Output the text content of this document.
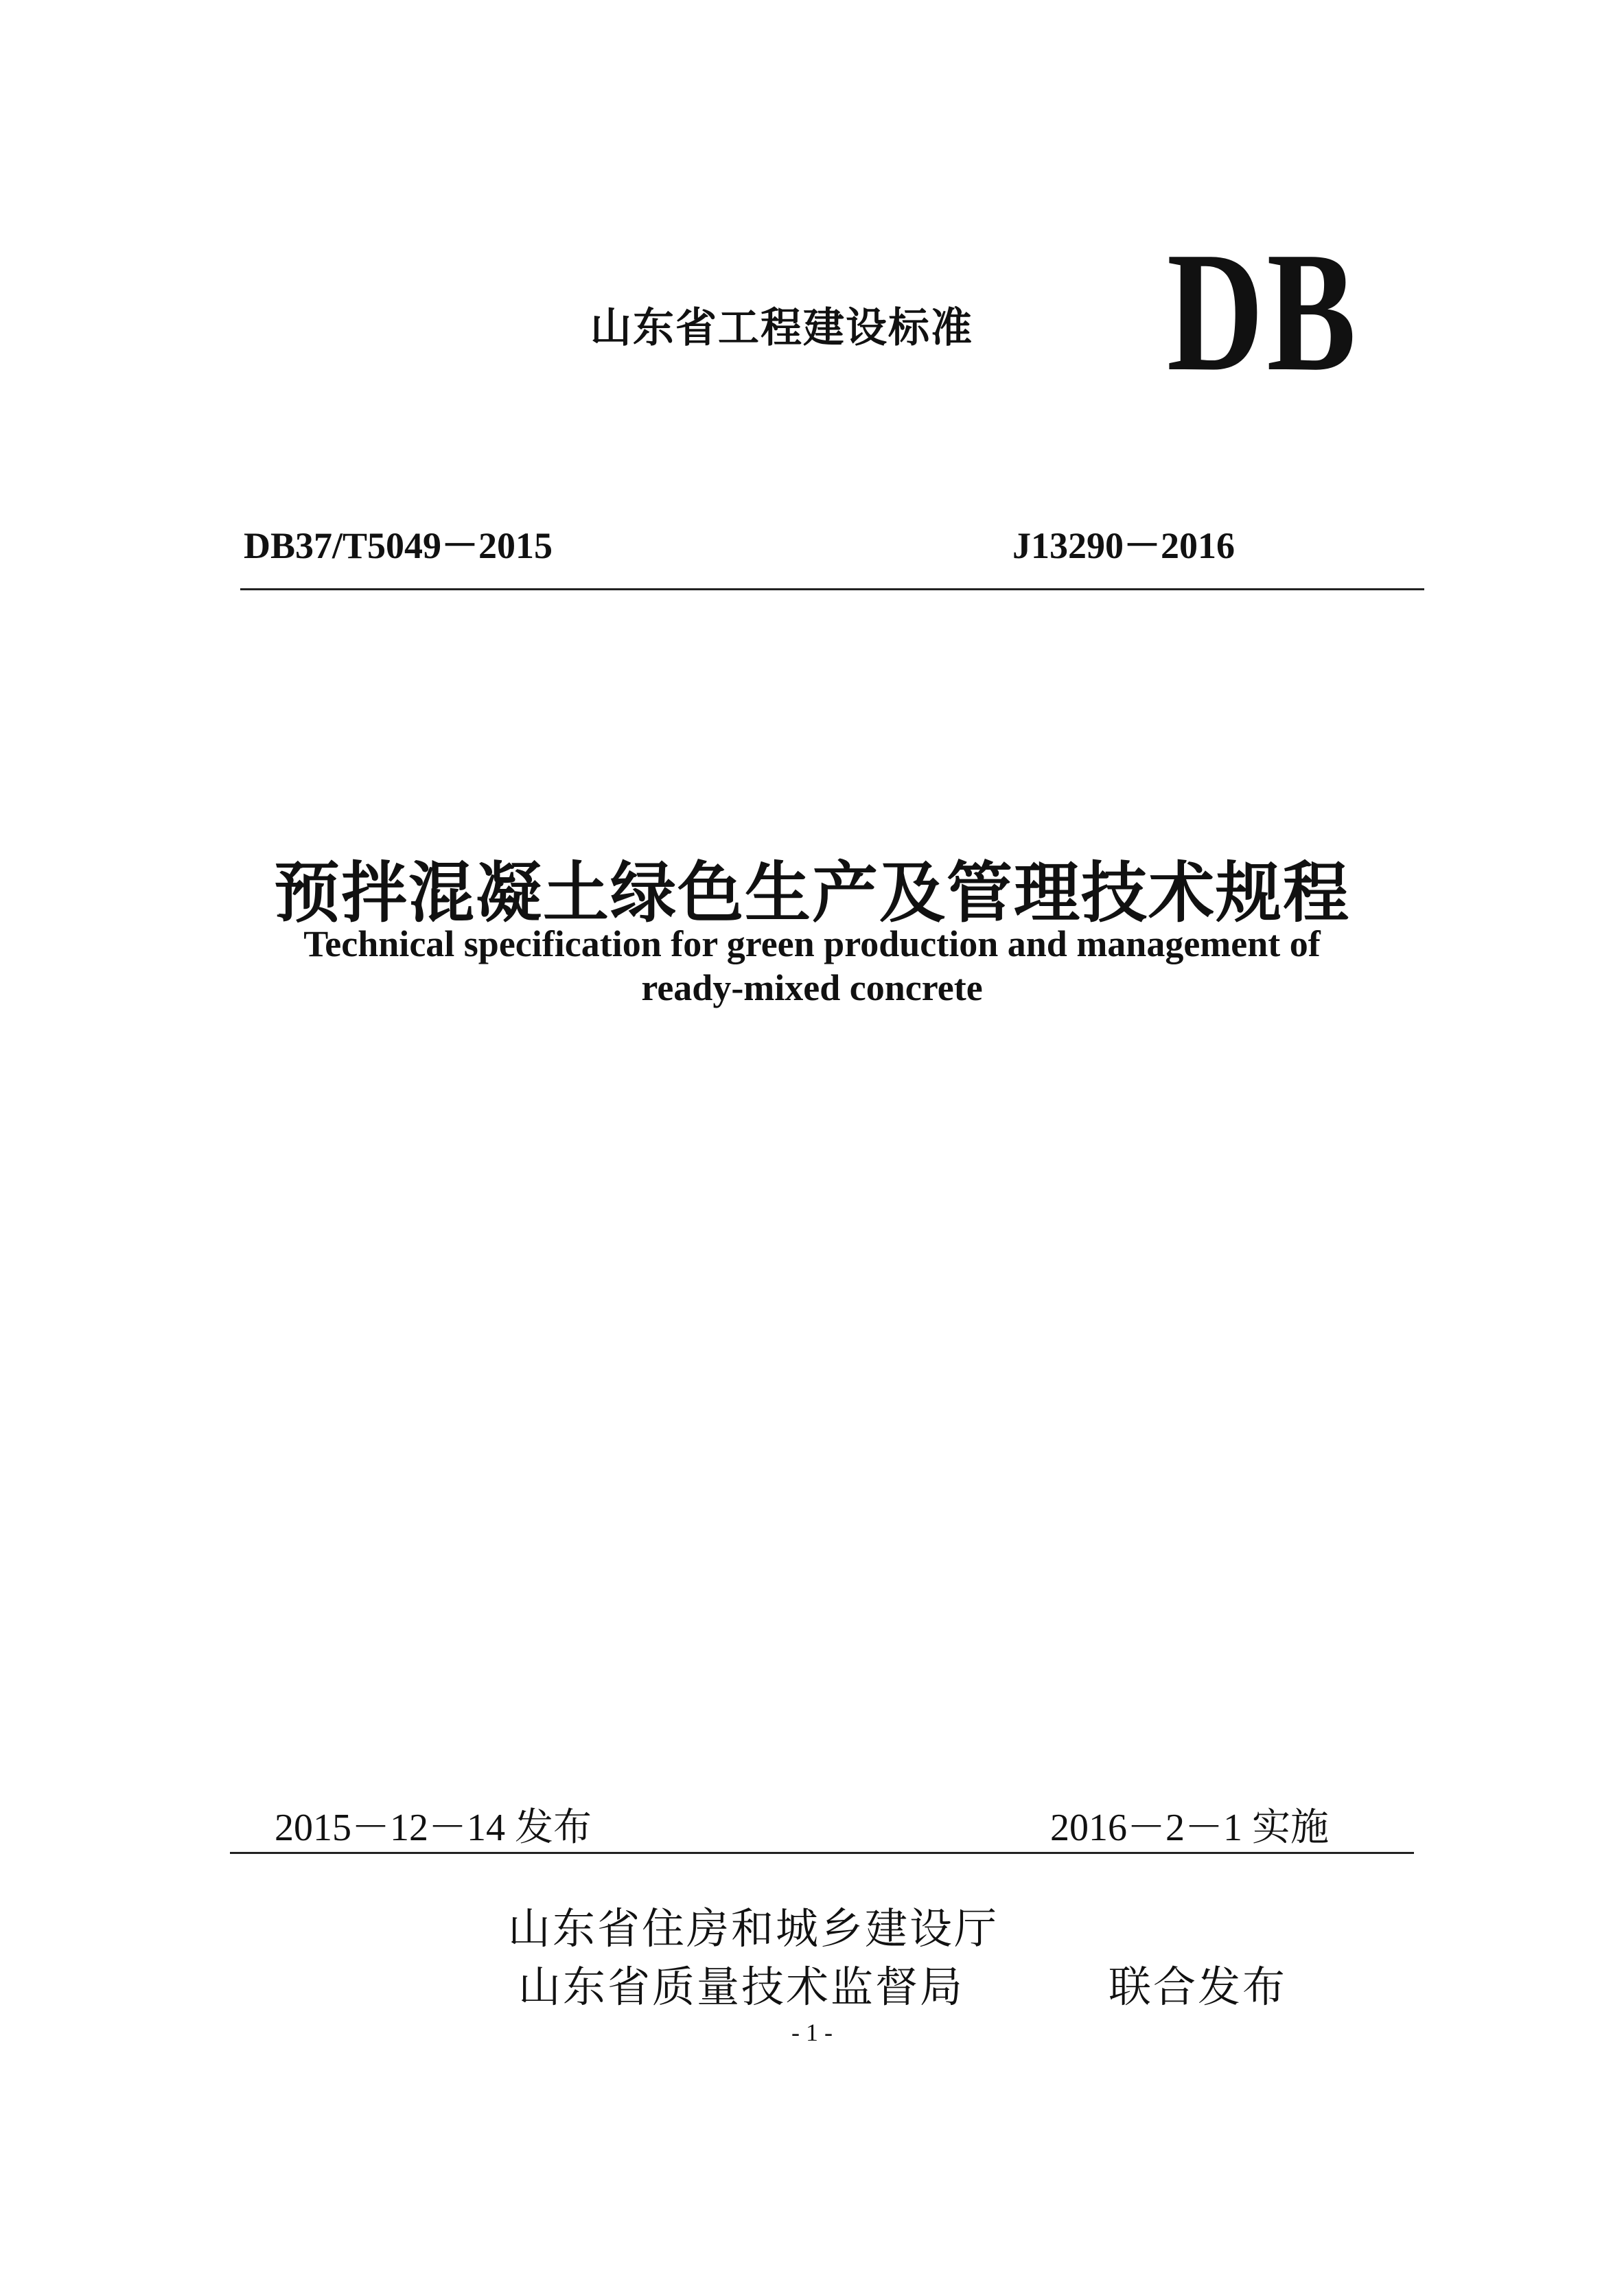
山东省工程建设标准 DB
DB37/T5049－2015	J13290－2016
预拌混凝土绿色生产及管理技术规程
Technical specification for green production and management of
ready-mixed concrete
2015－12－14 发布	2016－2－1 实施
山东省住房和城乡建设厅
山东省质量技术监督局	联合发布
- 1 -
